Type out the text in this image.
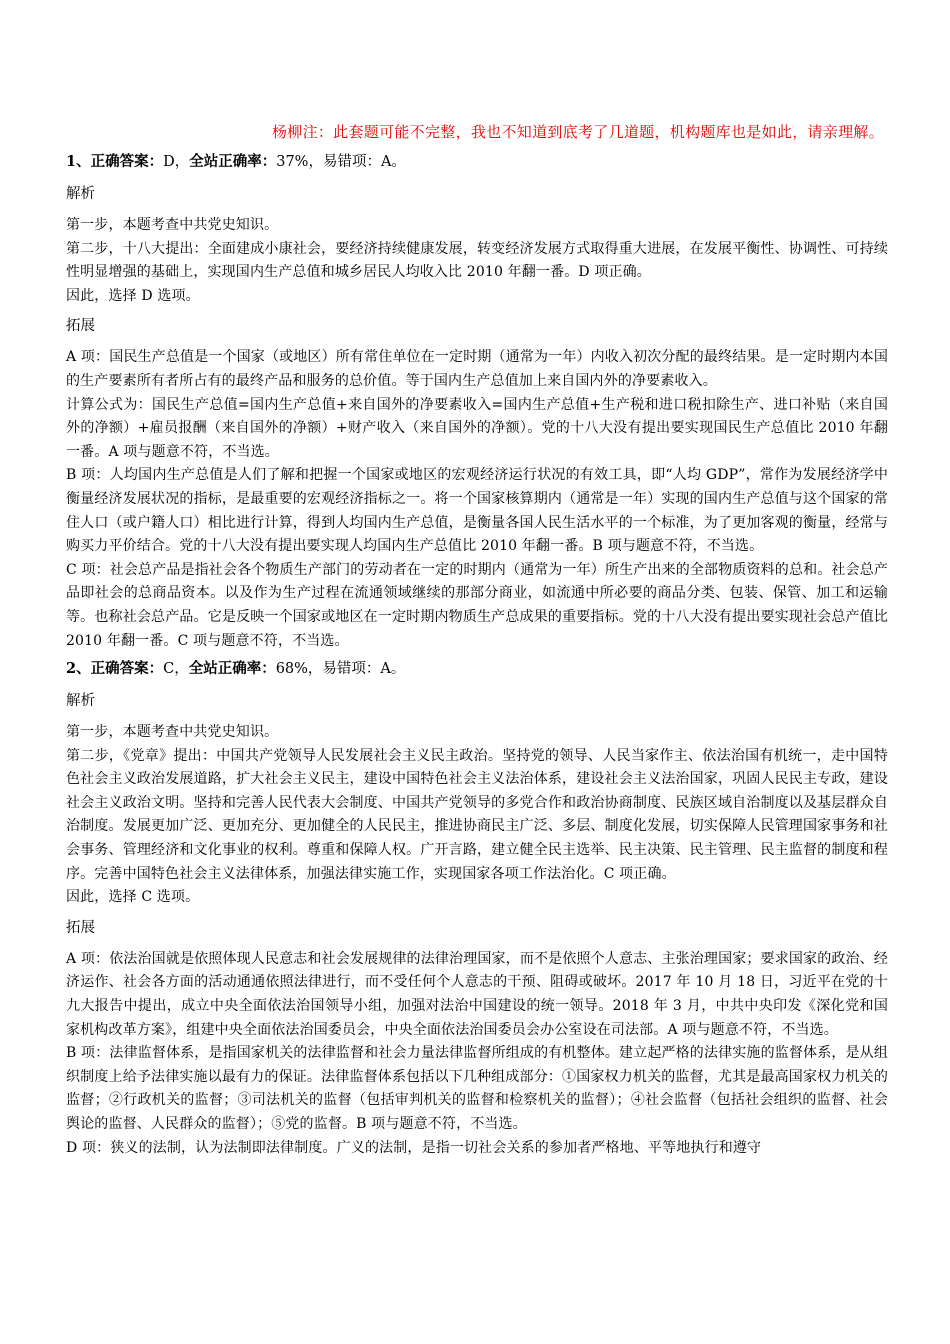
杨柳注：此套题可能不完整，我也不知道到底考了几道题，机构题库也是如此，请亲理解。
1、正确答案：D，全站正确率：37%，易错项：A。
解析
第一步，本题考查中共党史知识。
第二步，十八大提出：全面建成小康社会，要经济持续健康发展，转变经济发展方式取得重大进展，在发展平衡性、协调性、可持续性明显增强的基础上，实现国内生产总值和城乡居民人均收入比 2010 年翻一番。D 项正确。
因此，选择 D 选项。
拓展
A 项：国民生产总值是一个国家（或地区）所有常住单位在一定时期（通常为一年）内收入初次分配的最终结果。是一定时期内本国的生产要素所有者所占有的最终产品和服务的总价值。等于国内生产总值加上来自国内外的净要素收入。
计算公式为：国民生产总值=国内生产总值+来自国外的净要素收入=国内生产总值+生产税和进口税扣除生产、进口补贴（来自国外的净额）+雇员报酬（来自国外的净额）+财产收入（来自国外的净额）。党的十八大没有提出要实现国民生产总值比 2010 年翻一番。A 项与题意不符，不当选。
B 项：人均国内生产总值是人们了解和把握一个国家或地区的宏观经济运行状况的有效工具，即“人均 GDP”，常作为发展经济学中衡量经济发展状况的指标，是最重要的宏观经济指标之一。将一个国家核算期内（通常是一年）实现的国内生产总值与这个国家的常住人口（或户籍人口）相比进行计算，得到人均国内生产总值，是衡量各国人民生活水平的一个标准，为了更加客观的衡量，经常与购买力平价结合。党的十八大没有提出要实现人均国内生产总值比 2010 年翻一番。B 项与题意不符，不当选。
C 项：社会总产品是指社会各个物质生产部门的劳动者在一定的时期内（通常为一年）所生产出来的全部物质资料的总和。社会总产品即社会的总商品资本。以及作为生产过程在流通领域继续的那部分商业，如流通中所必要的商品分类、包装、保管、加工和运输等。也称社会总产品。它是反映一个国家或地区在一定时期内物质生产总成果的重要指标。党的十八大没有提出要实现社会总产值比 2010 年翻一番。C 项与题意不符，不当选。
2、正确答案：C，全站正确率：68%，易错项：A。
解析
第一步，本题考查中共党史知识。
第二步，《党章》提出：中国共产党领导人民发展社会主义民主政治。坚持党的领导、人民当家作主、依法治国有机统一，走中国特色社会主义政治发展道路，扩大社会主义民主，建设中国特色社会主义法治体系，建设社会主义法治国家，巩固人民民主专政，建设社会主义政治文明。坚持和完善人民代表大会制度、中国共产党领导的多党合作和政治协商制度、民族区域自治制度以及基层群众自治制度。发展更加广泛、更加充分、更加健全的人民民主，推进协商民主广泛、多层、制度化发展，切实保障人民管理国家事务和社会事务、管理经济和文化事业的权利。尊重和保障人权。广开言路，建立健全民主选举、民主决策、民主管理、民主监督的制度和程序。完善中国特色社会主义法律体系，加强法律实施工作，实现国家各项工作法治化。C 项正确。
因此，选择 C 选项。
拓展
A 项：依法治国就是依照体现人民意志和社会发展规律的法律治理国家，而不是依照个人意志、主张治理国家；要求国家的政治、经济运作、社会各方面的活动通通依照法律进行，而不受任何个人意志的干预、阻碍或破坏。2017 年 10 月 18 日，习近平在党的十九大报告中提出，成立中央全面依法治国领导小组，加强对法治中国建设的统一领导。2018 年 3 月，中共中央印发《深化党和国家机构改革方案》，组建中央全面依法治国委员会，中央全面依法治国委员会办公室设在司法部。A 项与题意不符，不当选。
B 项：法律监督体系，是指国家机关的法律监督和社会力量法律监督所组成的有机整体。建立起严格的法律实施的监督体系，是从组织制度上给予法律实施以最有力的保证。法律监督体系包括以下几种组成部分：①国家权力机关的监督，尤其是最高国家权力机关的监督；②行政机关的监督；③司法机关的监督（包括审判机关的监督和检察机关的监督）；④社会监督（包括社会组织的监督、社会舆论的监督、人民群众的监督）；⑤党的监督。B 项与题意不符，不当选。
D 项：狭义的法制，认为法制即法律制度。广义的法制，是指一切社会关系的参加者严格地、平等地执行和遵守
